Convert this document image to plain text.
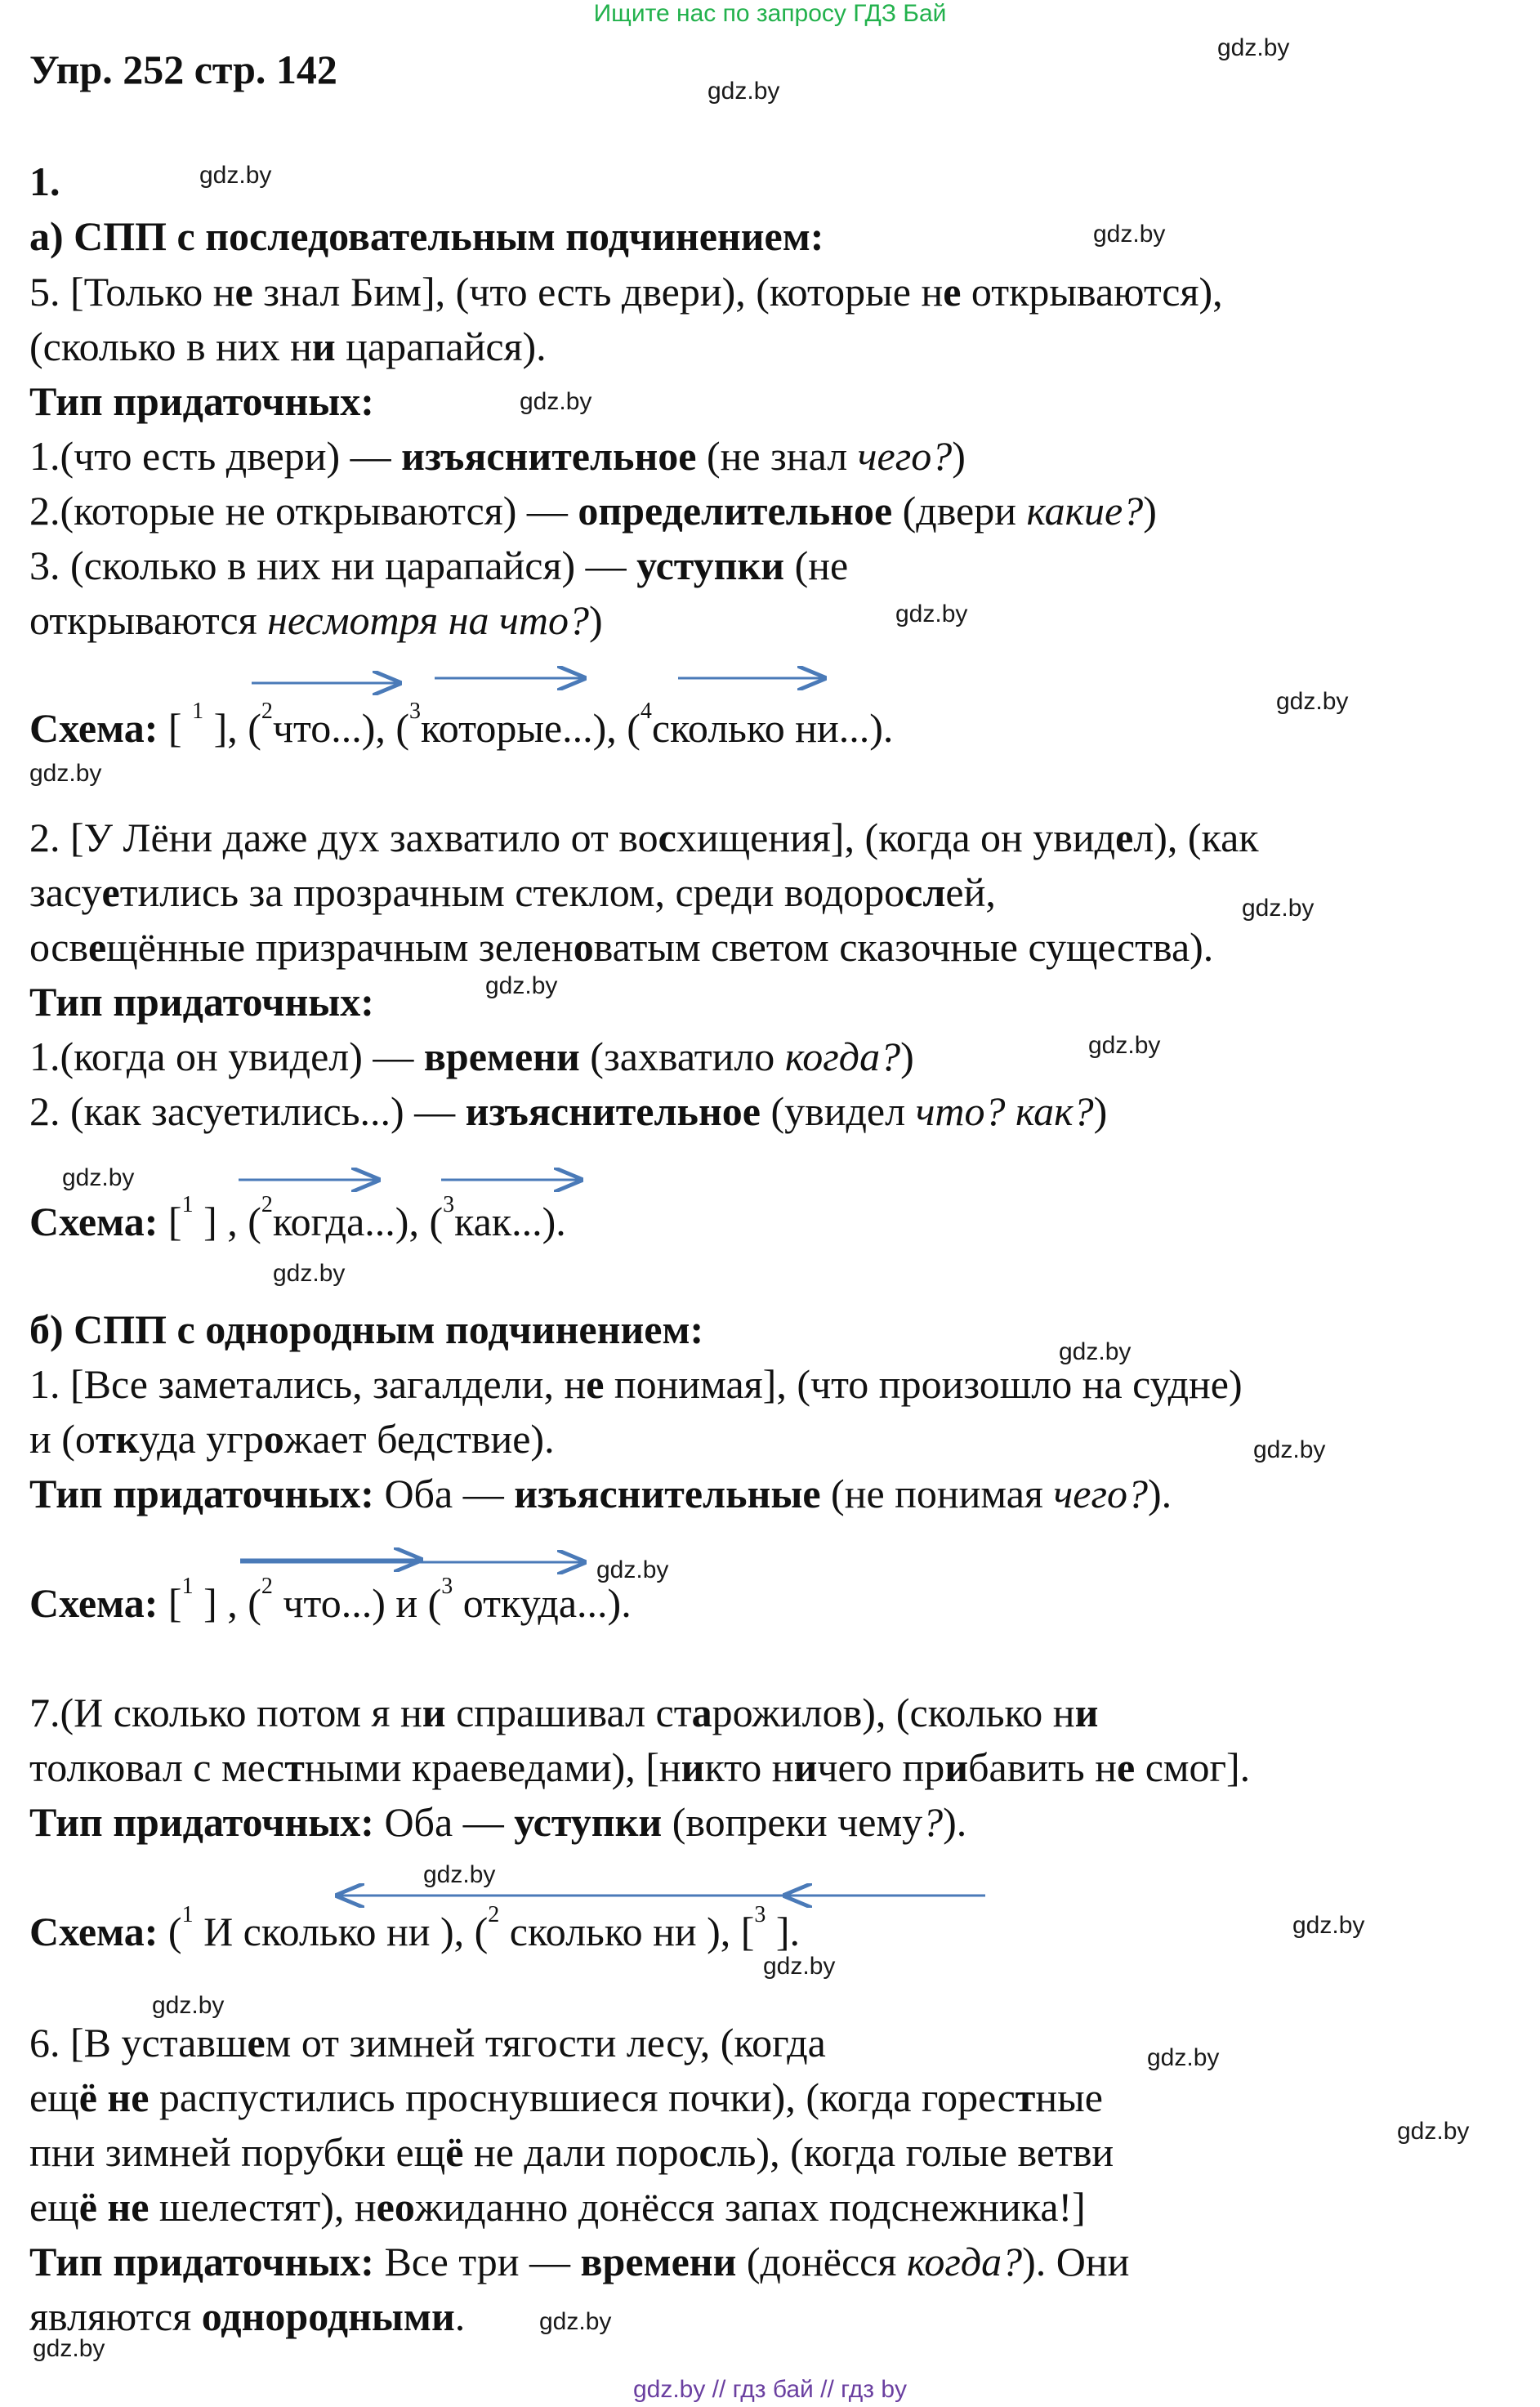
Ищите нас по запросу ГДЗ Бай
Упр. 252 стр. 142
1.
а) СПП с последовательным подчинением:
5. [Только не знал Бим], (что есть двери), (которые не открываются),
(сколько в них ни царапайся).
Тип придаточных:
1.(что есть двери) — изъяснительное (не знал чего?)
2.(которые не открываются) — определительное (двери какие?)
3. (сколько в них ни царапайся) — уступки (не
открываются несмотря на что?)
Схема: [ $^1$ ], ($^2$что...), ($^3$которые...), ($^4$сколько ни...).
2. [У Лёни даже дух захватило от восхищения], (когда он увидел), (как
засуетились за прозрачным стеклом, среди водорослей,
освещённые призрачным зеленоватым светом сказочные существа).
Тип придаточных:
1.(когда он увидел) — времени (захватило когда?)
2. (как засуетились...) — изъяснительное (увидел что? как?)
Схема: [$^1$ ] , ($^2$когда...), ($^3$как...).
б) СПП с однородным подчинением:
1. [Все заметались, загалдели, не понимая], (что произошло на судне)
и (откуда угрожает бедствие).
Тип придаточных: Оба — изъяснительные (не понимая чего?).
Схема: [$^1$ ] , ($^2$ что...) и ($^3$ откуда...).
7.(И сколько потом я ни спрашивал старожилов), (сколько ни
толковал с местными краеведами), [никто ничего прибавить не смог].
Тип придаточных: Оба — уступки (вопреки чему?).
Схема: ($^1$ И сколько ни ), ($^2$ сколько ни ), [$^3$ ].
6. [В уставшем от зимней тягости лесу, (когда
ещё не распустились проснувшиеся почки), (когда горестные
пни зимней порубки ещё не дали поросль), (когда голые ветви
ещё не шелестят), неожиданно донёсся запах подснежника!]
Тип придаточных: Все три — времени (донёсся когда?). Они
являются однородными.
gdz.by
gdz.by
gdz.by
gdz.by
gdz.by
gdz.by
gdz.by
gdz.by
gdz.by
gdz.by
gdz.by
gdz.by
gdz.by
gdz.by
gdz.by
gdz.by
gdz.by
gdz.by
gdz.by
gdz.by
gdz.by
gdz.by
gdz.by
gdz.by
gdz.by // гдз бай // гдз by
